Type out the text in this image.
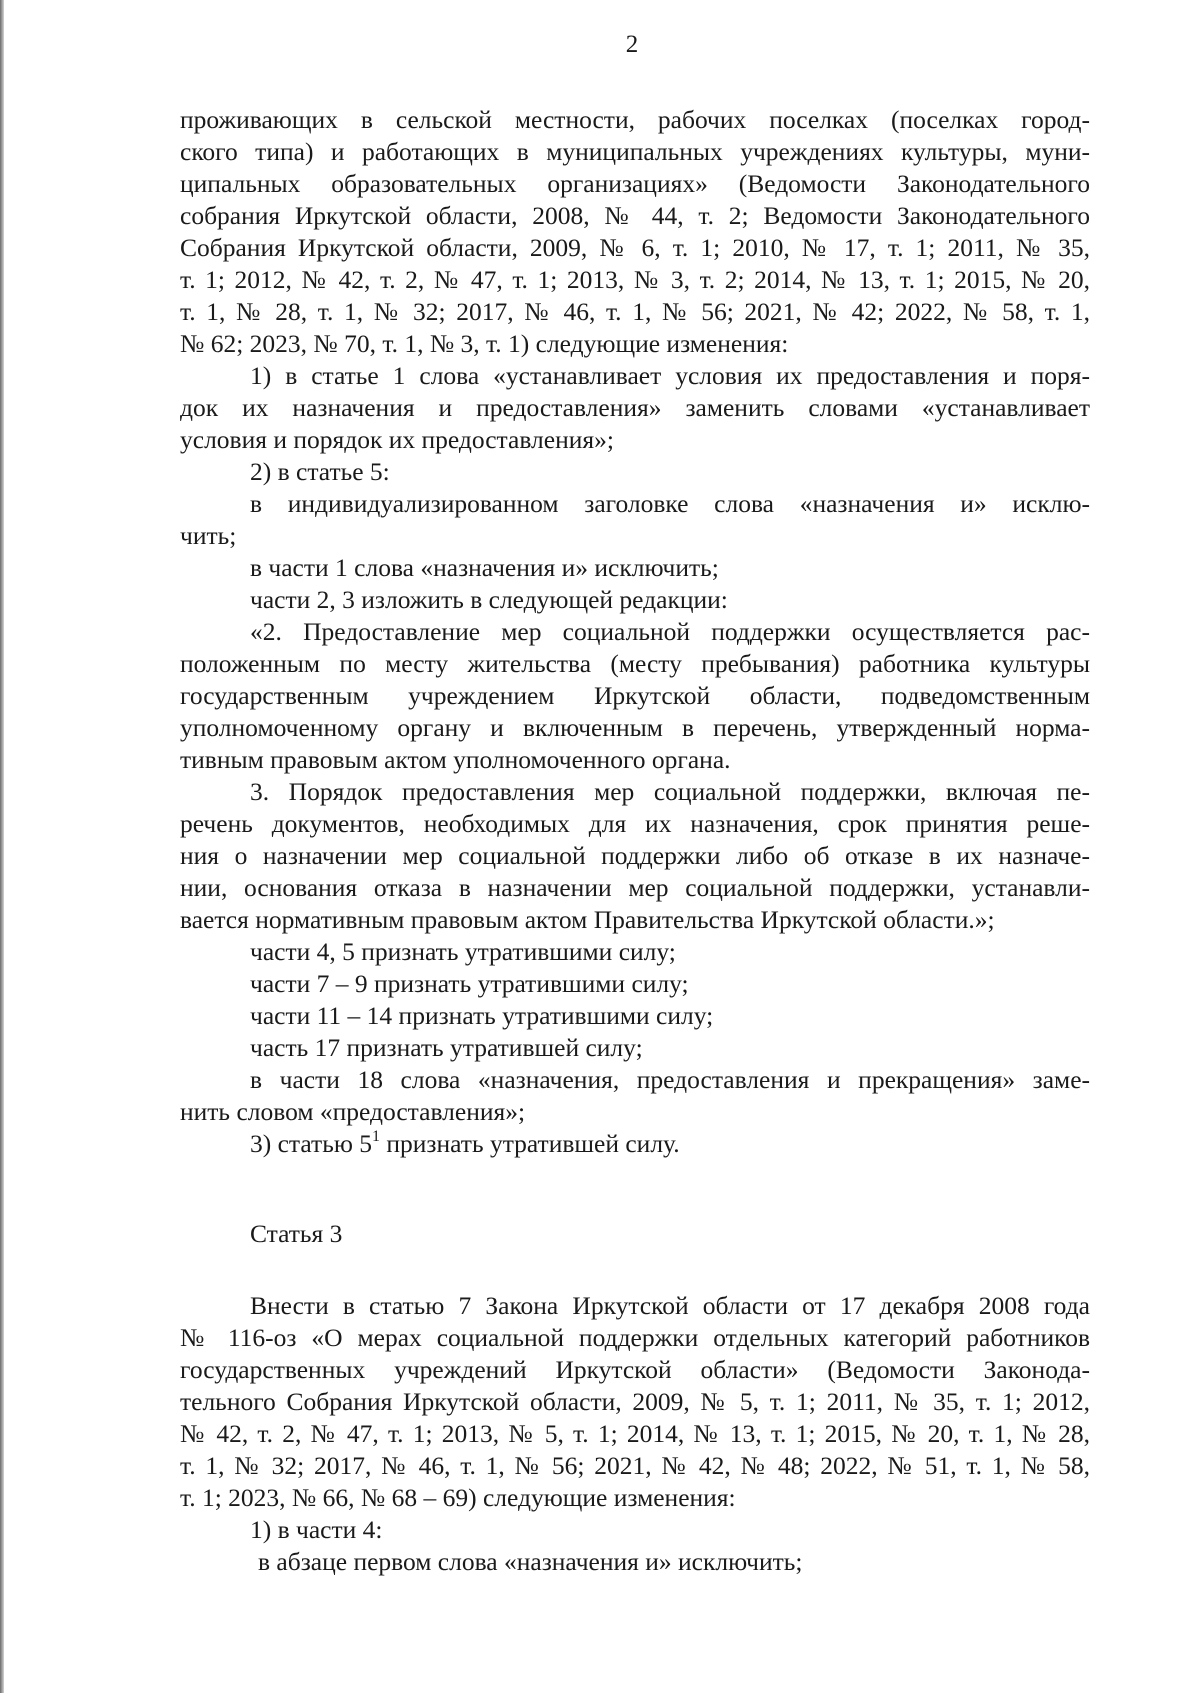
2
проживающих в сельской местности, рабочих поселках (поселках город-
ского типа) и работающих в муниципальных учреждениях культуры, муни-
ципальных образовательных организациях» (Ведомости Законодательного
собрания Иркутской области, 2008, № 44, т. 2; Ведомости Законодательного
Собрания Иркутской области, 2009, № 6, т. 1; 2010, № 17, т. 1; 2011, № 35,
т. 1; 2012, № 42, т. 2, № 47, т. 1; 2013, № 3, т. 2; 2014, № 13, т. 1; 2015, № 20,
т. 1, № 28, т. 1, № 32; 2017, № 46, т. 1, № 56; 2021, № 42; 2022, № 58, т. 1,
№ 62; 2023, № 70, т. 1, № 3, т. 1) следующие изменения:
1) в статье 1 слова «устанавливает условия их предоставления и поря-
док их назначения и предоставления» заменить словами «устанавливает
условия и порядок их предоставления»;
2) в статье 5:
в индивидуализированном заголовке слова «назначения и» исклю-
чить;
в части 1 слова «назначения и» исключить;
части 2, 3 изложить в следующей редакции:
«2. Предоставление мер социальной поддержки осуществляется рас-
положенным по месту жительства (месту пребывания) работника культуры
государственным учреждением Иркутской области, подведомственным
уполномоченному органу и включенным в перечень, утвержденный норма-
тивным правовым актом уполномоченного органа.
3. Порядок предоставления мер социальной поддержки, включая пе-
речень документов, необходимых для их назначения, срок принятия реше-
ния о назначении мер социальной поддержки либо об отказе в их назначе-
нии, основания отказа в назначении мер социальной поддержки, устанавли-
вается нормативным правовым актом Правительства Иркутской области.»;
части 4, 5 признать утратившими силу;
части 7 – 9 признать утратившими силу;
части 11 – 14 признать утратившими силу;
часть 17 признать утратившей силу;
в части 18 слова «назначения, предоставления и прекращения» заме-
нить словом «предоставления»;
3) статью $5^1$ признать утратившей силу.
Статья 3
Внести в статью 7 Закона Иркутской области от 17 декабря 2008 года
№ 116-оз «О мерах социальной поддержки отдельных категорий работников
государственных учреждений Иркутской области» (Ведомости Законода-
тельного Собрания Иркутской области, 2009, № 5, т. 1; 2011, № 35, т. 1; 2012,
№ 42, т. 2, № 47, т. 1; 2013, № 5, т. 1; 2014, № 13, т. 1; 2015, № 20, т. 1, № 28,
т. 1, № 32; 2017, № 46, т. 1, № 56; 2021, № 42, № 48; 2022, № 51, т. 1, № 58,
т. 1; 2023, № 66, № 68 – 69) следующие изменения:
1) в части 4:
в абзаце первом слова «назначения и» исключить;
